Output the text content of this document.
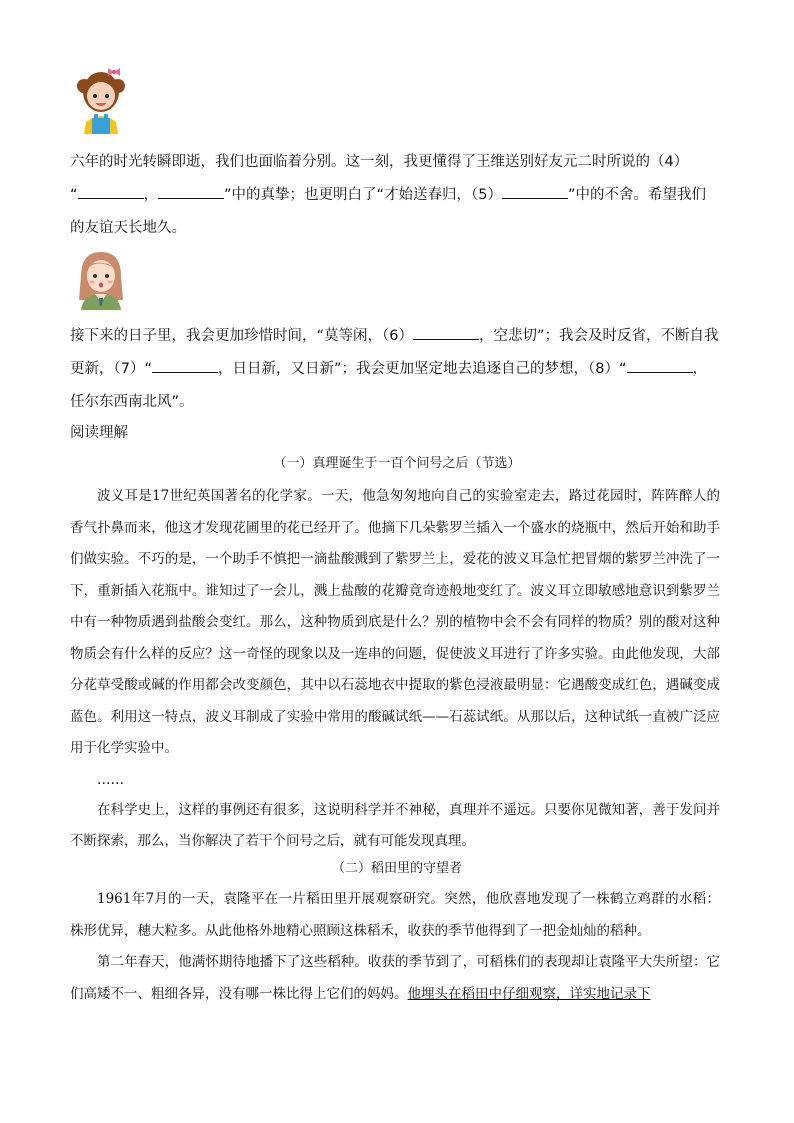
六年的时光转瞬即逝，我们也面临着分别。这一刻，我更懂得了王维送别好友元二时所说的（4）
“	，	”中的真挚；也更明白了“才始送春归，（5）	”中的不舍。希望我们的友谊天长地久。

接下来的日子里，我会更加珍惜时间，“莫等闲，（6）	，空悲切”；我会及时反省，不断自我更新，（7）“	，日日新，又日新”；我会更加坚定地去追逐自己的梦想，（8）“	，任尔东西南北风”。

阅读理解
（一）真理诞生于一百个问号之后（节选）

波义耳是17世纪英国著名的化学家。一天，他急匆匆地向自己的实验室走去，路过花园时，阵阵醉人的香气扑鼻而来，他这才发现花圃里的花已经开了。他摘下几朵紫罗兰插入一个盛水的烧瓶中，然后开始和助手们做实验。不巧的是，一个助手不慎把一滴盐酸溅到了紫罗兰上，爱花的波义耳急忙把冒烟的紫罗兰冲洗了一下，重新插入花瓶中。谁知过了一会儿，溅上盐酸的花瓣竟奇迹般地变红了。波义耳立即敏感地意识到紫罗兰中有一种物质遇到盐酸会变红。那么，这种物质到底是什么？别的植物中会不会有同样的物质？别的酸对这种物质会有什么样的反应？这一奇怪的现象以及一连串的问题，促使波义耳进行了许多实验。由此他发现，大部分花草受酸或碱的作用都会改变颜色，其中以石蕊地衣中提取的紫色浸液最明显：它遇酸变成红色，遇碱变成蓝色。利用这一特点，波义耳制成了实验中常用的酸碱试纸——石蕊试纸。从那以后，这种试纸一直被广泛应用于化学实验中。

……

在科学史上，这样的事例还有很多，这说明科学并不神秘，真理并不遥远。只要你见微知著，善于发问并不断探索，那么，当你解决了若干个问号之后，就有可能发现真理。

（二）稻田里的守望者

1961年7月的一天，袁隆平在一片稻田里开展观察研究。突然，他欣喜地发现了一株鹤立鸡群的水稻：株形优异，穗大粒多。从此他格外地精心照顾这株稻禾，收获的季节他得到了一把金灿灿的稻种。

第二年春天，他满怀期待地播下了这些稻种。收获的季节到了，可稻株们的表现却让袁隆平大失所望：它们高矮不一、粗细各异，没有哪一株比得上它们的妈妈。他埋头在稻田中仔细观察，详实地记录下
